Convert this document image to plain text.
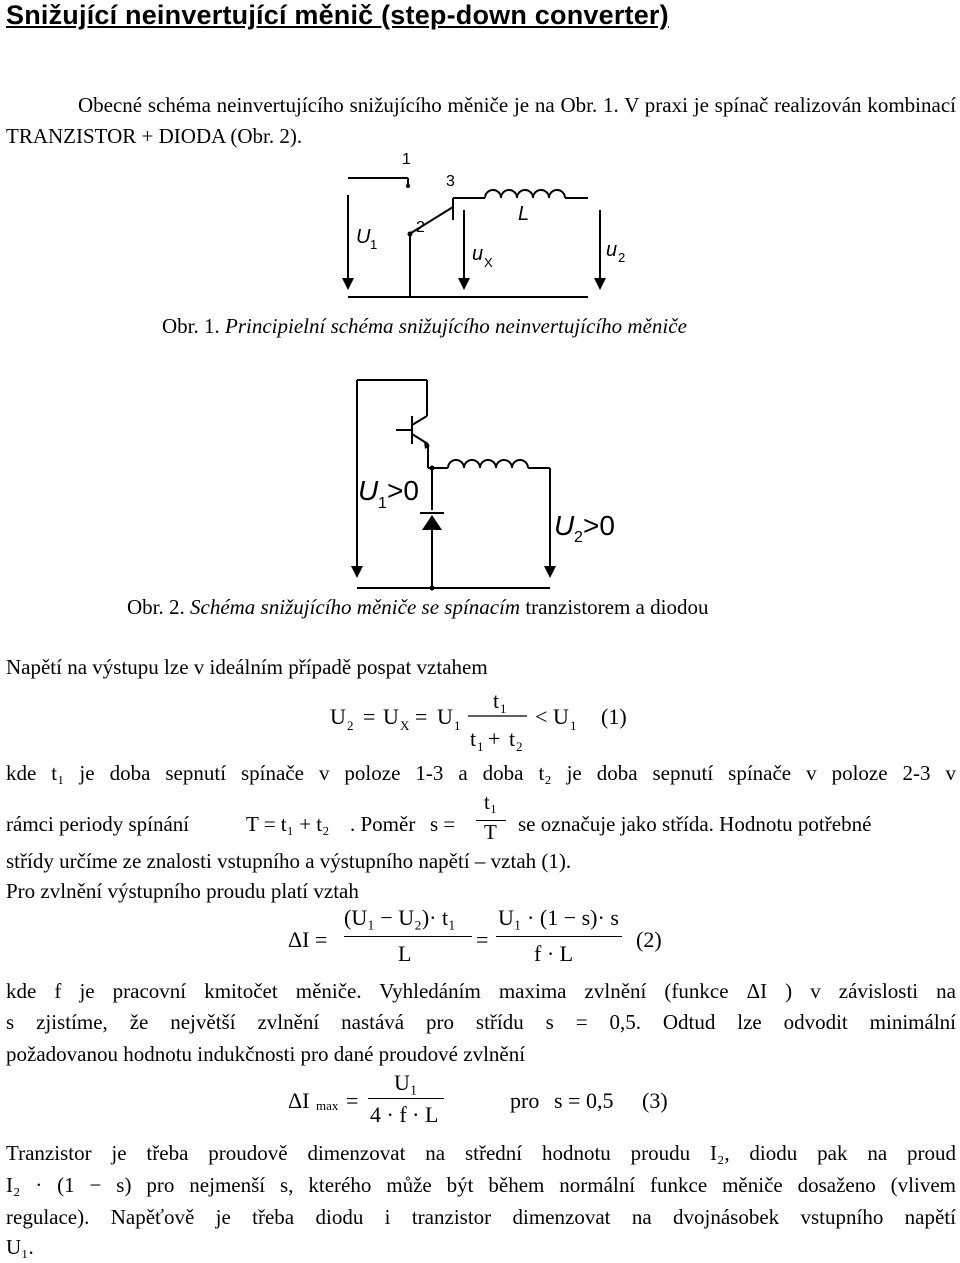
Snižující neinvertující měnič (step-down converter)

Obecné schéma neinvertujícího snižujícího měniče je na Obr. 1. V praxi je spínač realizován kombinací TRANZISTOR + DIODA (Obr. 2).

1
3
2
L
U 1	u X
u 2
Obr. 1. Principielní schéma snižujícího neinvertujícího měniče
U 1 >0
U 2 >0
Obr. 2. Schéma snižujícího měniče se spínacím tranzistorem a diodou

Napětí na výstupu lze v ideálním případě pospat vztahem

U 2 = U X = U 1
t 1
t 1 + t 2
< U 1 (1)

kde t₁ je doba sepnutí spínače v poloze 1-3 a doba t₂ je doba sepnutí spínače v poloze 2-3 v

rámci periody spínání	T = t₁ + t₂ . Poměr s =
t₁
T se označuje jako střída. Hodnotu potřebné

střídy určíme ze znalosti vstupního a výstupního napětí – vztah (1).

Pro zvlnění výstupního proudu platí vztah

ΔI =
(U₁ − U₂)· t₁
L
=
U₁ · (1 − s)· s
f · L
(2)

kde f je pracovní kmitočet měniče. Vyhledáním maxima zvlnění (funkce ΔI ) v závislosti na

s zjistíme, že největší zvlnění nastává pro střídu s = 0,5. Odtud lze odvodit minimální

požadovanou hodnotu indukčnosti pro dané proudové zvlnění

ΔI max =
U₁
4 · f · L
pro s = 0,5 (3)

Tranzistor je třeba proudově dimenzovat na střední hodnotu proudu I₂, diodu pak na proud

I₂ · (1 − s) pro nejmenší s, kterého může být během normální funkce měniče dosaženo (vlivem

regulace). Napěťově je třeba diodu i tranzistor dimenzovat na dvojnásobek vstupního napětí

U₁.
